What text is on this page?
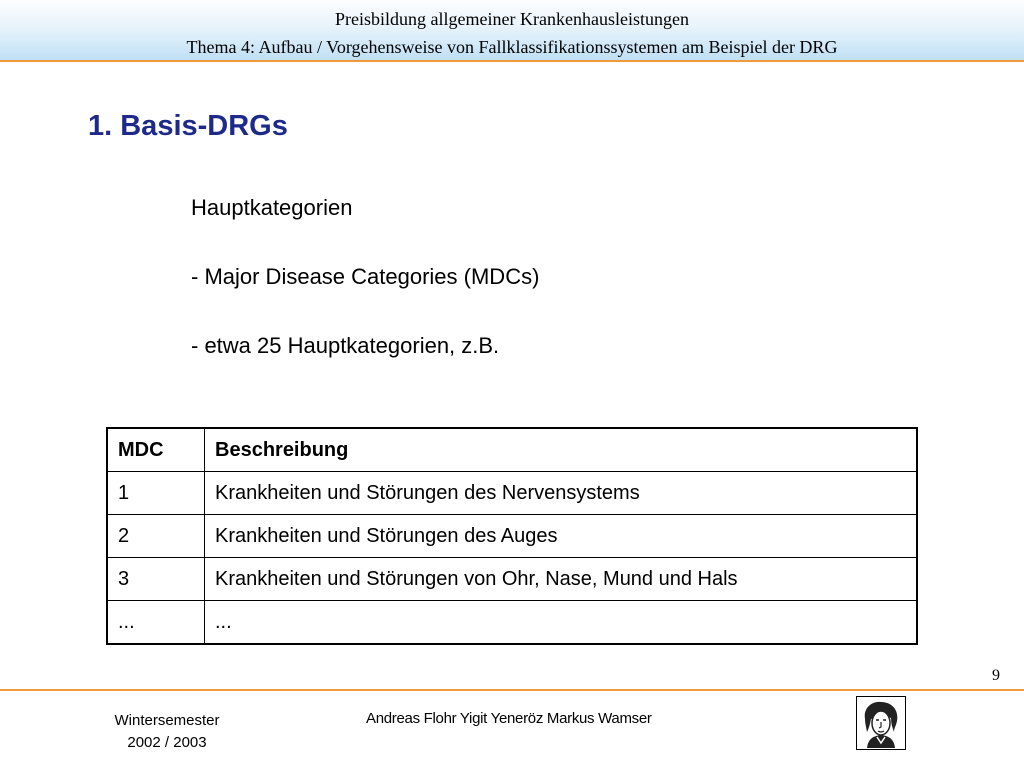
Preisbildung allgemeiner Krankenhausleistungen
Thema 4: Aufbau / Vorgehensweise von Fallklassifikationssystemen am Beispiel der DRG
1. Basis-DRGs
Hauptkategorien
- Major Disease Categories (MDCs)
- etwa 25 Hauptkategorien, z.B.
MDC	Beschreibung
1	Krankheiten und Störungen des Nervensystems
2	Krankheiten und Störungen des Auges
3	Krankheiten und Störungen von Ohr, Nase, Mund und Hals
...	...
9
Wintersemester
2002 / 2003
Andreas Flohr Yigit Yeneröz Markus Wamser
